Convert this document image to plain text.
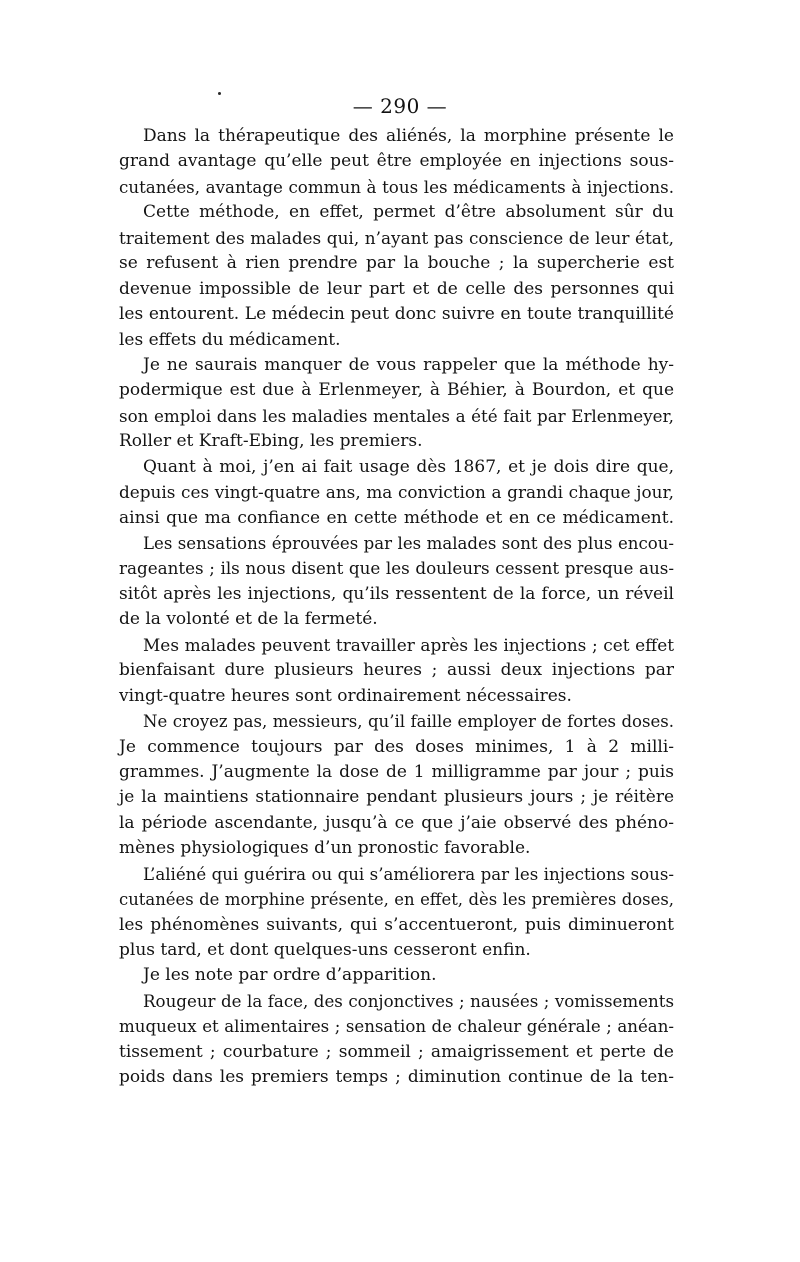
— 290 —
Dans la thérapeutique des aliénés, la morphine présente le
grand avantage qu’elle peut être employée en injections sous-
cutanées, avantage commun à tous les médicaments à injections.
Cette méthode, en effet, permet d’être absolument sûr du
traitement des malades qui, n’ayant pas conscience de leur état,
se refusent à rien prendre par la bouche ; la supercherie est
devenue impossible de leur part et de celle des personnes qui
les entourent. Le médecin peut donc suivre en toute tranquillité
les effets du médicament.
Je ne saurais manquer de vous rappeler que la méthode hy-
podermique est due à Erlenmeyer, à Béhier, à Bourdon, et que
son emploi dans les maladies mentales a été fait par Erlenmeyer,
Roller et Kraft-Ebing, les premiers.
Quant à moi, j’en ai fait usage dès 1867, et je dois dire que,
depuis ces vingt-quatre ans, ma conviction a grandi chaque jour,
ainsi que ma confiance en cette méthode et en ce médicament.
Les sensations éprouvées par les malades sont des plus encou-
rageantes ; ils nous disent que les douleurs cessent presque aus-
sitôt après les injections, qu’ils ressentent de la force, un réveil
de la volonté et de la fermeté.
Mes malades peuvent travailler après les injections ; cet effet
bienfaisant dure plusieurs heures ; aussi deux injections par
vingt-quatre heures sont ordinairement nécessaires.
Ne croyez pas, messieurs, qu’il faille employer de fortes doses.
Je commence toujours par des doses minimes, 1 à 2 milli-
grammes. J’augmente la dose de 1 milligramme par jour ; puis
je la maintiens stationnaire pendant plusieurs jours ; je réitère
la période ascendante, jusqu’à ce que j’aie observé des phéno-
mènes physiologiques d’un pronostic favorable.
L’aliéné qui guérira ou qui s’améliorera par les injections sous-
cutanées de morphine présente, en effet, dès les premières doses,
les phénomènes suivants, qui s’accentueront, puis diminueront
plus tard, et dont quelques-uns cesseront enfin.
Je les note par ordre d’apparition.
Rougeur de la face, des conjonctives ; nausées ; vomissements
muqueux et alimentaires ; sensation de chaleur générale ; anéan-
tissement ; courbature ; sommeil ; amaigrissement et perte de
poids dans les premiers temps ; diminution continue de la ten-
